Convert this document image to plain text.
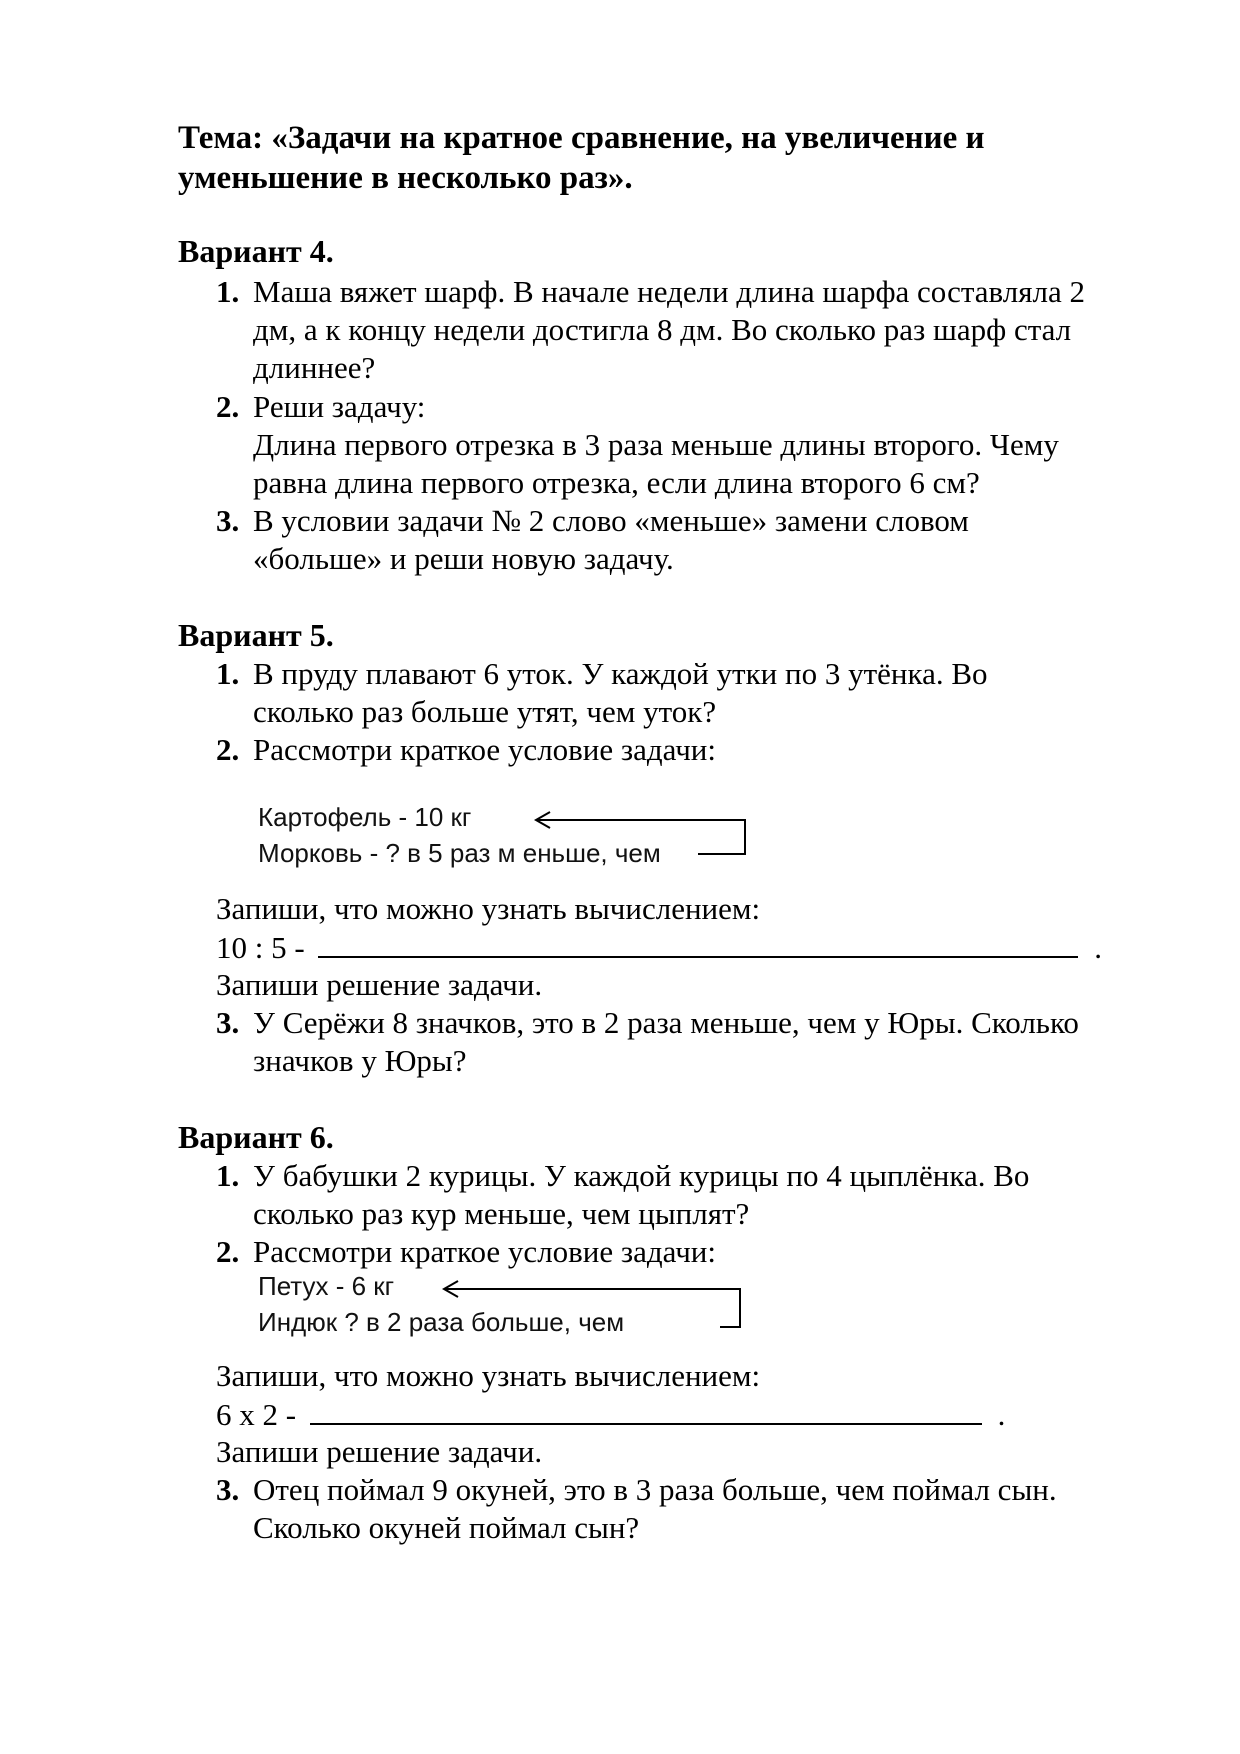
Тема: «Задачи на кратное сравнение, на увеличение и
уменьшение в несколько раз».
Вариант 4.
1. Маша вяжет шарф. В начале недели длина шарфа составляла 2
дм, а к концу недели достигла 8 дм. Во сколько раз шарф стал
длиннее?
2. Реши задачу:
Длина первого отрезка в 3 раза меньше длины второго. Чему
равна длина первого отрезка, если длина второго 6 см?
3. В условии задачи № 2 слово «меньше» замени словом
«больше» и реши новую задачу.
Вариант 5.
1. В пруду плавают 6 уток. У каждой утки по 3 утёнка. Во
сколько раз больше утят, чем уток?
2. Рассмотри краткое условие задачи:
Картофель - 10 кг
Морковь - ? в 5 раз м еньше, чем
Запиши, что можно узнать вычислением:
10 : 5 -	.
Запиши решение задачи.
3. У Серёжи 8 значков, это в 2 раза меньше, чем у Юры. Сколько
значков у Юры?
Вариант 6.
1. У бабушки 2 курицы. У каждой курицы по 4 цыплёнка. Во
сколько раз кур меньше, чем цыплят?
2. Рассмотри краткое условие задачи:
Петух - 6 кг
Индюк ? в 2 раза больше, чем
Запиши, что можно узнать вычислением:
6 х 2 -	.
Запиши решение задачи.
3. Отец поймал 9 окуней, это в 3 раза больше, чем поймал сын.
Сколько окуней поймал сын?
